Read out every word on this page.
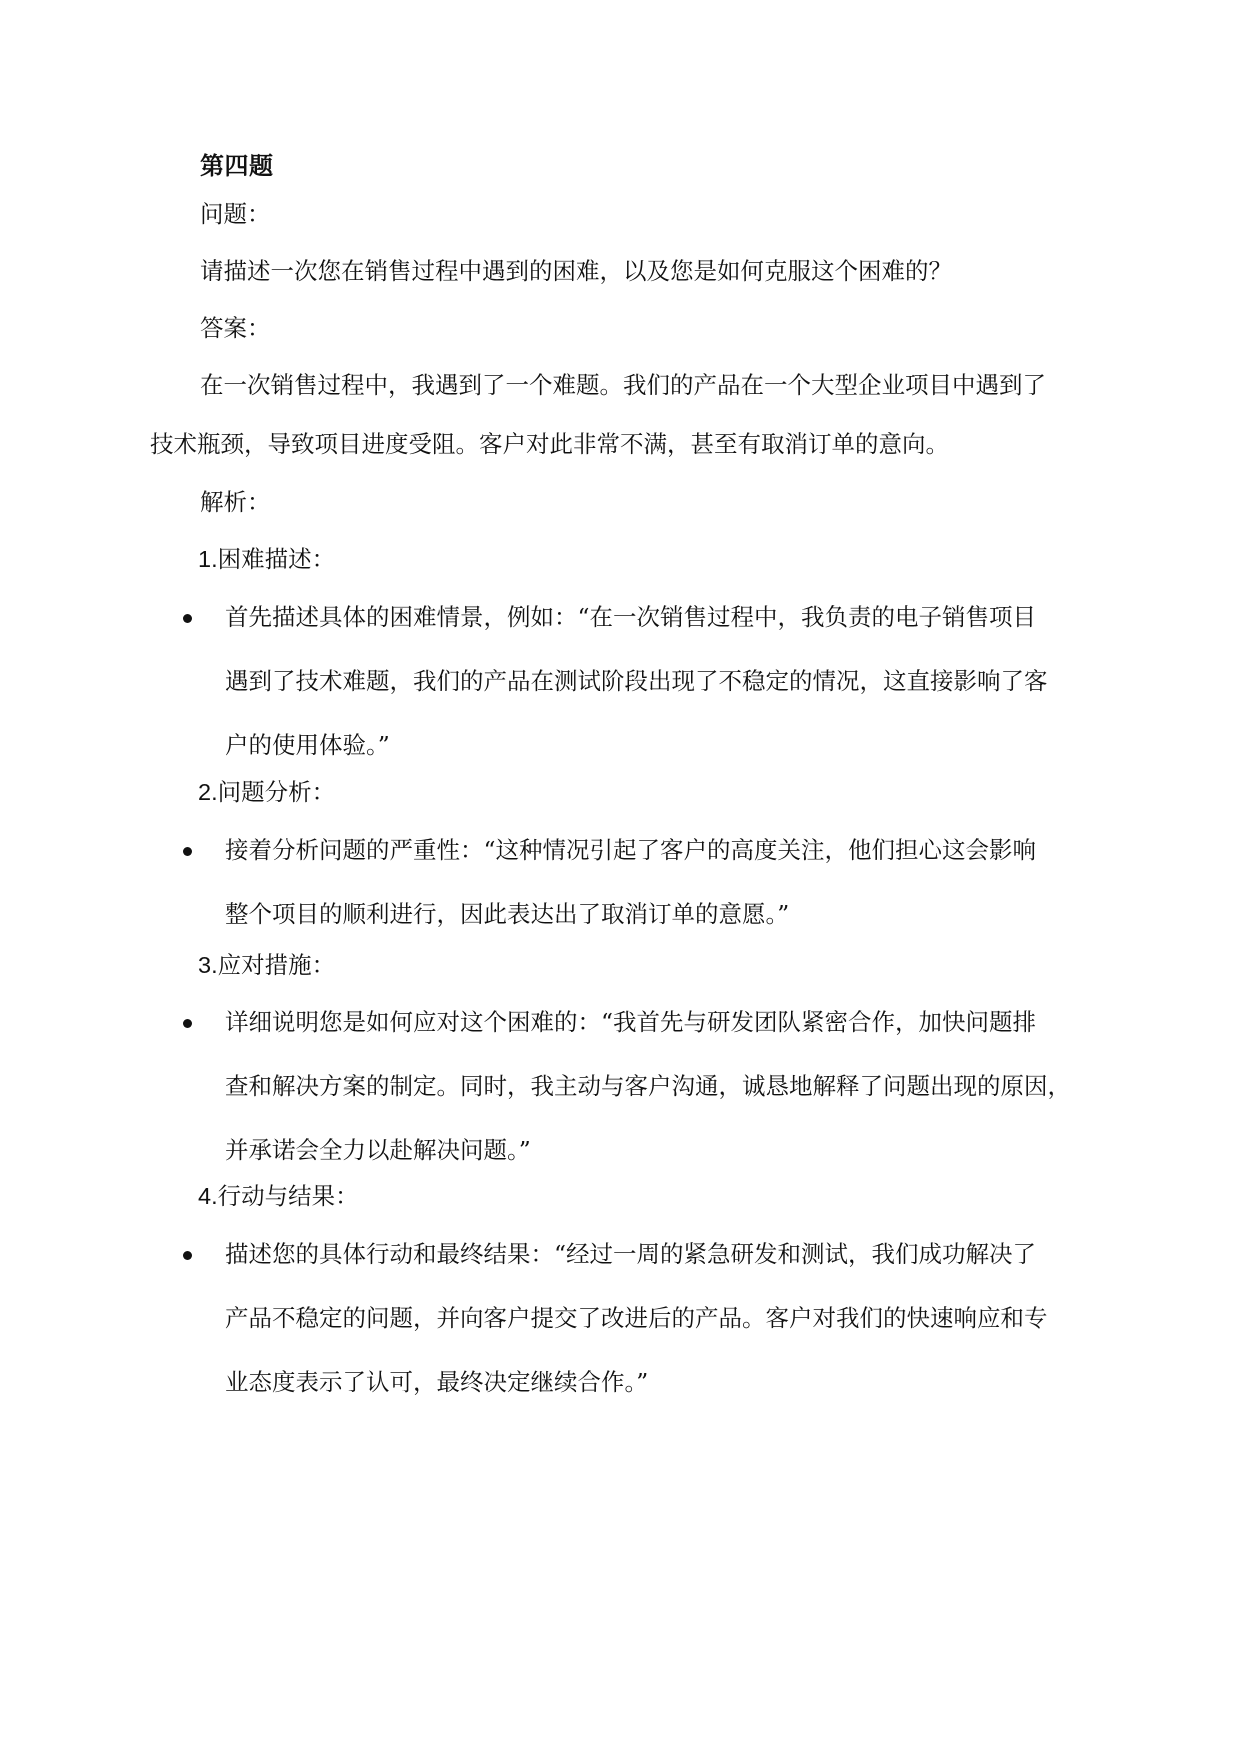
第四题
问题：
请描述一次您在销售过程中遇到的困难，以及您是如何克服这个困难的？
答案：
在一次销售过程中，我遇到了一个难题。我们的产品在一个大型企业项目中遇到了
技术瓶颈，导致项目进度受阻。客户对此非常不满，甚至有取消订单的意向。
解析：
1.困难描述：
首先描述具体的困难情景，例如：“在一次销售过程中，我负责的电子销售项目
遇到了技术难题，我们的产品在测试阶段出现了不稳定的情况，这直接影响了客
户的使用体验。”
2.问题分析：
接着分析问题的严重性：“这种情况引起了客户的高度关注，他们担心这会影响
整个项目的顺利进行，因此表达出了取消订单的意愿。”
3.应对措施：
详细说明您是如何应对这个困难的：“我首先与研发团队紧密合作，加快问题排
查和解决方案的制定。同时，我主动与客户沟通，诚恳地解释了问题出现的原因，
并承诺会全力以赴解决问题。”
4.行动与结果：
描述您的具体行动和最终结果：“经过一周的紧急研发和测试，我们成功解决了
产品不稳定的问题，并向客户提交了改进后的产品。客户对我们的快速响应和专
业态度表示了认可，最终决定继续合作。”
